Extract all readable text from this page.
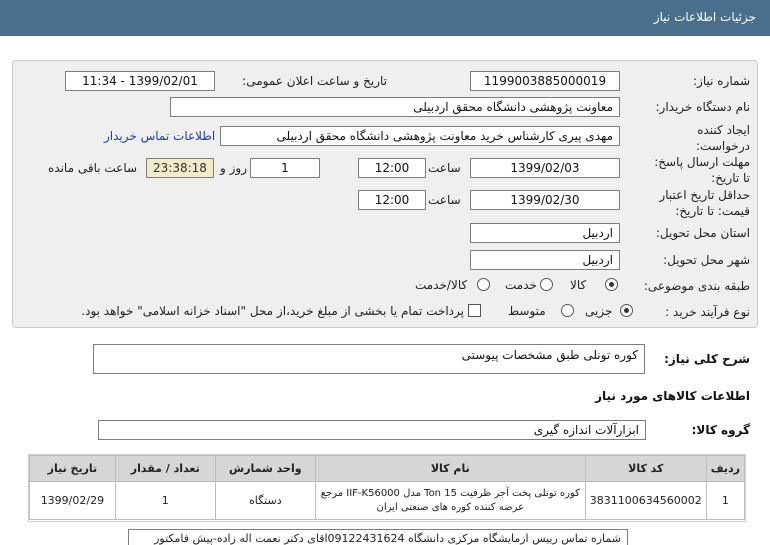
جزئیات اطلاعات نیاز
شماره نیاز:
1199003885000019
تاریخ و ساعت اعلان عمومی:
1399/02/01 - 11:34
نام دستگاه خریدار:
معاونت پژوهشی دانشگاه محقق اردبیلی
ایجاد کننده
درخواست:
مهدی پیری کارشناس خرید معاونت پژوهشی دانشگاه محقق اردبیلی
اطلاعات تماس خریدار
مهلت ارسال پاسخ:
تا تاریخ:
1399/02/03
ساعت
12:00
1
روز و
23:38:18
ساعت باقی مانده
حداقل تاریخ اعتبار
قیمت: تا تاریخ:
1399/02/30
ساعت
12:00
استان محل تحویل:
اردبیل
شهر محل تحویل:
اردبیل
طبقه بندی موضوعی:
کالا
خدمت
کالا/خدمت
نوع فرآیند خرید :
جزیی
متوسط
پرداخت تمام یا بخشی از مبلغ خرید،از محل "اسناد خزانه اسلامی" خواهد بود.
شرح کلی نیاز:
کوره تونلی طبق مشخصات پیوستی
اطلاعات کالاهای مورد نیاز
گروه کالا:
ابزارآلات اندازه گیری
ردیف	کد کالا	نام کالا	واحد شمارش	تعداد / مقدار	تاریخ نیاز
1	3831100634560002	کوره تونلی پخت آجر ظرفیت 15 Ton مدل IIF-K56000 مرجع عرضه کننده کوره های صنعتی ایران	دستگاه	1	1399/02/29
شماره تماس رییس ازمایشگاه مرکزی دانشگاه 09122431624اقای دکتر نعمت اله زاده-پیش فامکتور
